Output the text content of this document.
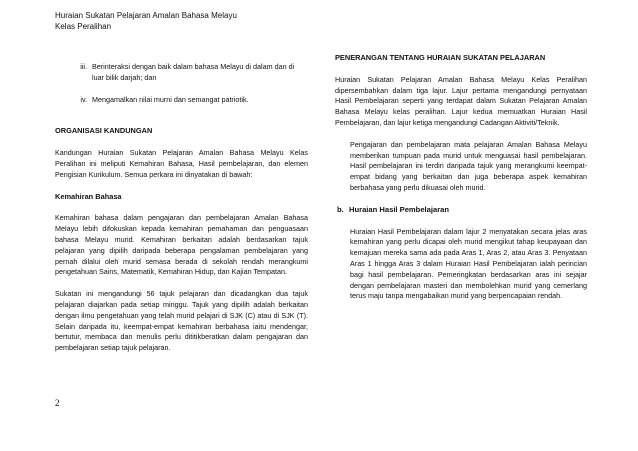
Huraian Sukatan Pelajaran Amalan Bahasa Melayu
Kelas Peralihan
iii. Berinteraksi dengan baik dalam bahasa Melayu di dalam dan di luar bilik darjah; dan
iv. Mengamalkan nilai murni dan semangat patriotik.
ORGANISASI KANDUNGAN

Kandungan Huraian Sukatan Pelajaran Amalan Bahasa Melayu Kelas Peralihan ini meliputi Kemahiran Bahasa, Hasil pembelajaran, dan elemen Pengisian Kurikulum. Semua perkara ini dinyatakan di bawah:

Kemahiran Bahasa

Kemahiran bahasa dalam pengajaran dan pembelajaran Amalan Bahasa Melayu lebih difokuskan kepada kemahiran pemahaman dan penguasaan bahasa Melayu murid. Kemahiran berkaitan adalah berdasarkan tajuk pelajaran yang dipilih daripada beberapa pengalaman pembelajaran yang pernah dilalui oleh murid semasa berada di sekolah rendah merangkumi pengetahuan Sains, Matematik, Kemahiran Hidup, dan Kajian Tempatan.

Sukatan ini mengandungi 56 tajuk pelajaran dan dicadangkan dua tajuk pelajaran diajarkan pada setiap minggu. Tajuk yang dipilih adalah berkaitan dengan ilmu pengetahuan yang telah murid pelajari di SJK (C) atau di SJK (T). Selain daripada itu, keempat-empat kemahiran berbahasa iaitu mendengar, bertutur, membaca dan menulis perlu dititikberatkan dalam pengajaran dan pembelajaran setiap tajuk pelajaran.

PENERANGAN TENTANG HURAIAN SUKATAN PELAJARAN

Huraian Sukatan Pelajaran Amalan Bahasa Melayu Kelas Peralihan dipersembahkan dalam tiga lajur. Lajur pertama mengandungi pernyataan Hasil Pembelajaran seperti yang terdapat dalam Sukatan Pelajaran Amalan Bahasa Melayu kelas peralihan. Lajur kedua memuatkan Huraian Hasil Pembelajaran, dan lajur ketiga mengandungi Cadangan Aktiviti/Teknik.

Pengajaran dan pembelajaran mata pelajaran Amalan Bahasa Melayu memberikan tumpuan pada murid untuk menguasai hasil pembelajaran. Hasil pembelajaran ini terdiri daripada tajuk yang merangkumi keempat-empat bidang yang berkaitan dan juga beberapa aspek kemahiran berbahasa yang perlu dikuasai oleh murid.

b. Huraian Hasil Pembelajaran

Huraian Hasil Pembelajaran dalam lajur 2 menyatakan secara jelas aras kemahiran yang perlu dicapai oleh murid mengikut tahap keupayaan dan kemajuan mereka sama ada pada Aras 1, Aras 2, atau Aras 3. Penyataan Aras 1 hingga Aras 3 dalam Huraian Hasil Pembelajaran ialah perincian bagi hasil pembelajaran. Pemeringkatan berdasarkan aras ini sejajar dengan pembelajaran masteri dan membolehkan murid yang cemerlang terus maju tanpa mengabaikan murid yang berpencapaian rendah.

2
